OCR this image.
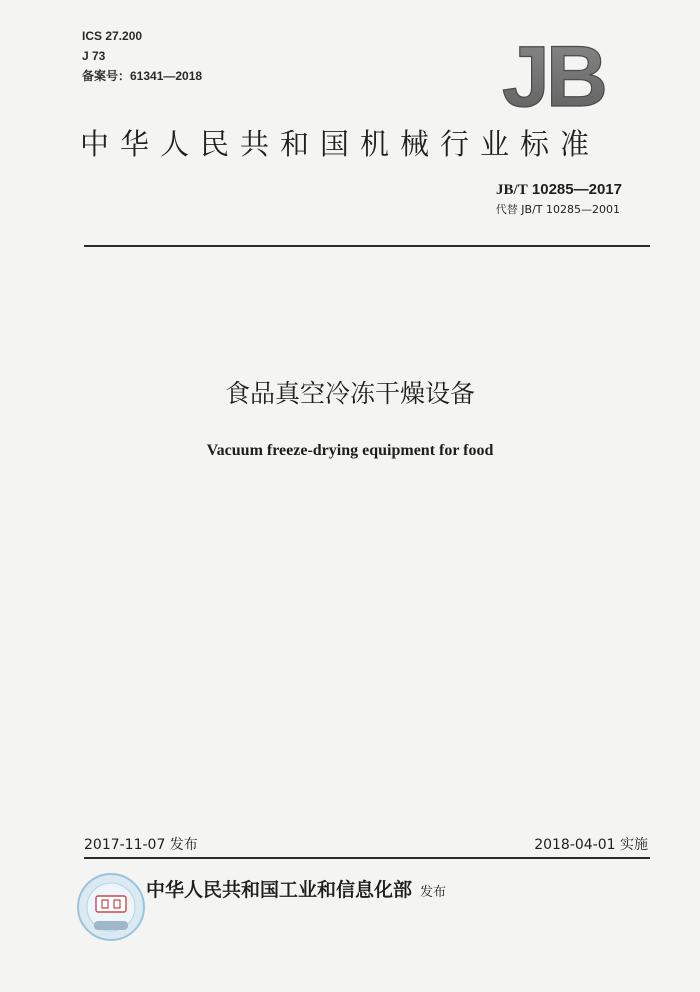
ICS 27.200
J 73
备案号：61341—2018	JB
中华人民共和国机械行业标准
JB/T 10285—2017
代替 JB/T 10285—2001
食品真空冷冻干燥设备
Vacuum freeze-drying equipment for food
2017-11-07 发布	2018-04-01 实施
中华人民共和国工业和信息化部 发布
